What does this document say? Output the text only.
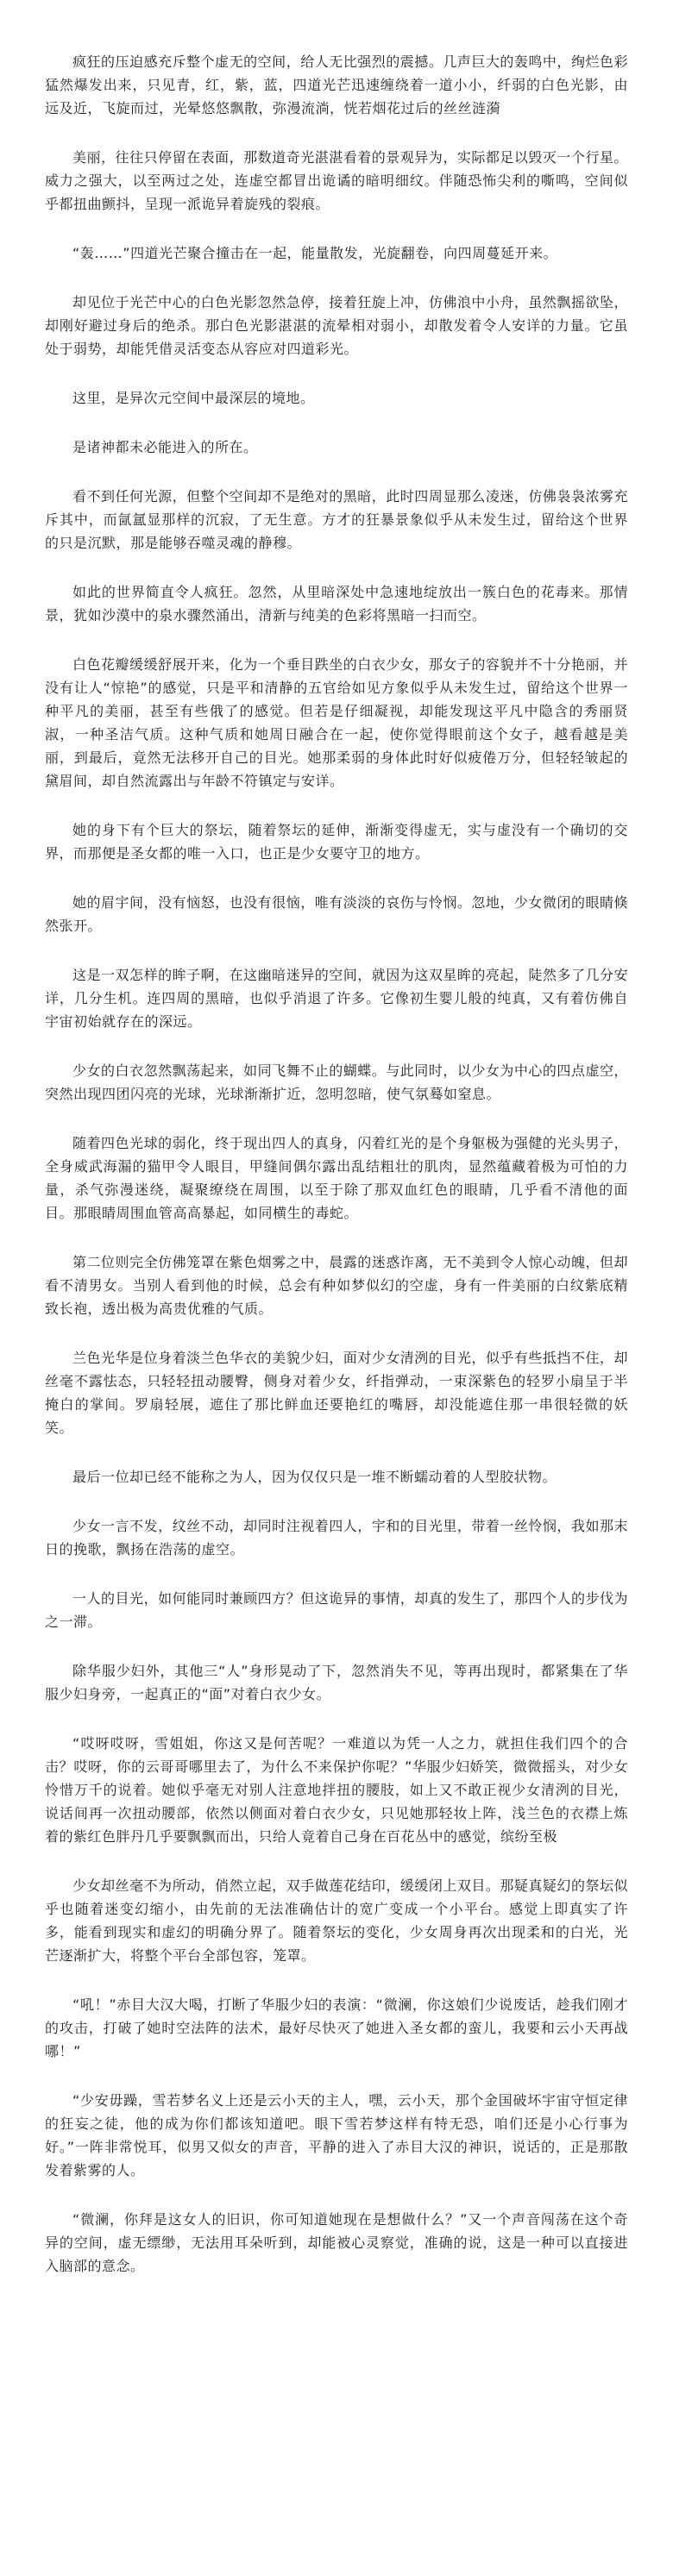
疯狂的压迫感充斥整个虚无的空间，给人无比强烈的震撼。几声巨大的轰鸣中，绚烂色彩猛然爆发出来，只见青，红，紫，蓝，四道光芒迅速缠绕着一道小小，纤弱的白色光影，由远及近，飞旋而过，光晕悠悠飘散，弥漫流淌，恍若烟花过后的丝丝涟漪

美丽，往往只停留在表面，那数道奇光湛湛看着的景观异为，实际都足以毁灭一个行星。威力之强大，以至两过之处，连虚空都冒出诡谲的暗明细纹。伴随恐怖尖利的嘶鸣，空间似乎都扭曲颤抖，呈现一派诡异着旋残的裂痕。

“轰……”四道光芒聚合撞击在一起，能量散发，光旋翻卷，向四周蔓延开来。

却见位于光芒中心的白色光影忽然急停，接着狂旋上冲，仿佛浪中小舟，虽然飘摇欲坠，却刚好避过身后的绝杀。那白色光影湛湛的流晕相对弱小，却散发着令人安详的力量。它虽处于弱势，却能凭借灵活变态从容应对四道彩光。

这里，是异次元空间中最深层的境地。

是诸神都未必能进入的所在。

看不到任何光源，但整个空间却不是绝对的黑暗，此时四周显那么凌迷，仿佛袅袅浓雾充斥其中，而氤氲显那样的沉寂，了无生意。方才的狂暴景象似乎从未发生过，留给这个世界的只是沉默，那是能够吞噬灵魂的静穆。

如此的世界简直令人疯狂。忽然，从里暗深处中急速地绽放出一簇白色的花毒来。那情景，犹如沙漠中的泉水骤然涌出，清新与纯美的色彩将黑暗一扫而空。

白色花瓣缓缓舒展开来，化为一个垂目跌坐的白衣少女，那女子的容貌并不十分艳丽，并没有让人“惊艳”的感觉，只是平和清静的五官给如见方象似乎从未发生过，留给这个世界一种平凡的美丽，甚至有些俄了的感觉。但若是仔细凝视，却能发现这平凡中隐含的秀丽贤淑，一种圣洁气质。这种气质和她周日融合在一起，使你觉得眼前这个女子，越看越是美丽，到最后，竟然无法移开自己的目光。她那柔弱的身体此时好似疲倦万分，但轻轻皱起的黛眉间，却自然流露出与年龄不符镇定与安详。

她的身下有个巨大的祭坛，随着祭坛的延伸，渐渐变得虚无，实与虚没有一个确切的交界，而那便是圣女都的唯一入口，也正是少女要守卫的地方。

她的眉宇间，没有恼怒，也没有很恼，唯有淡淡的哀伤与怜悯。忽地，少女微闭的眼睛倏然张开。

这是一双怎样的眸子啊，在这幽暗迷异的空间，就因为这双星眸的亮起，陡然多了几分安详，几分生机。连四周的黑暗，也似乎消退了许多。它像初生婴儿般的纯真，又有着仿佛自宇宙初始就存在的深远。

少女的白衣忽然飘荡起来，如同飞舞不止的蝴蝶。与此同时，以少女为中心的四点虚空，突然出现四团闪亮的光球，光球渐渐扩近，忽明忽暗，使气氛蓦如窒息。

随着四色光球的弱化，终于现出四人的真身，闪着红光的是个身躯极为强健的光头男子，全身威武海漏的猫甲令人眼目，甲缝间偶尔露出乱结粗壮的肌肉，显然蕴藏着极为可怕的力量，杀气弥漫迷绕，凝聚缭绕在周围，以至于除了那双血红色的眼睛，几乎看不清他的面目。那眼睛周围血管高高暴起，如同横生的毒蛇。

第二位则完全仿佛笼罩在紫色烟雾之中，晨露的迷惑诈离，无不美到令人惊心动魄，但却看不清男女。当别人看到他的时候，总会有种如梦似幻的空虚，身有一件美丽的白纹紫底精致长袍，透出极为高贵优雅的气质。

兰色光华是位身着淡兰色华衣的美貌少妇，面对少女清洌的目光，似乎有些抵挡不住，却丝毫不露怯态，只轻轻扭动腰臀，侧身对着少女，纤指弹动，一束深紫色的轻罗小扇呈于半掩白的掌间。罗扇轻展，遮住了那比鲜血还要艳红的嘴唇，却没能遮住那一串很轻微的妖笑。

最后一位却已经不能称之为人，因为仅仅只是一堆不断蠕动着的人型胶状物。

少女一言不发，纹丝不动，却同时注视着四人，宇和的目光里，带着一丝怜悯，我如那末日的挽歌，飘扬在浩荡的虚空。

一人的目光，如何能同时兼顾四方？但这诡异的事情，却真的发生了，那四个人的步伐为之一滞。

除华服少妇外，其他三“人”身形晃动了下，忽然消失不见，等再出现时，都紧集在了华服少妇身旁，一起真正的“面”对着白衣少女。

“哎呀哎呀，雪姐姐，你这又是何苦呢？一难道以为凭一人之力，就担住我们四个的合击？哎呀，你的云哥哥哪里去了，为什么不来保护你呢？”华服少妇娇笑，微微摇头，对少女怜惜万千的说着。她似乎毫无对别人注意地拌扭的腰肢，如上又不敢正视少女清洌的目光，说话间再一次扭动腰部，依然以侧面对着白衣少女，只见她那轻妆上阵，浅兰色的衣襟上炼着的紫红色胖丹几乎要飘飘而出，只给人竟着自己身在百花丛中的感觉，缤纷至极

少女却丝毫不为所动，俏然立起，双手做莲花结印，缓缓闭上双目。那疑真疑幻的祭坛似乎也随着迷变幻缩小，由先前的无法准确估计的宽广变成一个小平台。感觉上即真实了许多，能看到现实和虚幻的明确分界了。随着祭坛的变化，少女周身再次出现柔和的白光，光芒逐渐扩大，将整个平台全部包容，笼罩。

“吼！”赤目大汉大喝，打断了华服少妇的表演：“微澜，你这娘们少说废话，趁我们刚才的攻击，打破了她时空法阵的法术，最好尽快灭了她进入圣女都的蛮儿，我要和云小天再战哪！”

“少安毋躁，雪若梦名义上还是云小天的主人，嘿，云小天，那个金国破坏宇宙守恒定律的狂妄之徒，他的成为你们都该知道吧。眼下雪若梦这样有特无恐，咱们还是小心行事为好。”一阵非常悦耳，似男又似女的声音，平静的进入了赤目大汉的神识，说话的，正是那散发着紫雾的人。

“微澜，你拜是这女人的旧识，你可知道她现在是想做什么？”又一个声音闯荡在这个奇异的空间，虚无缥缈，无法用耳朵听到，却能被心灵察觉，准确的说，这是一种可以直接进入脑部的意念。
